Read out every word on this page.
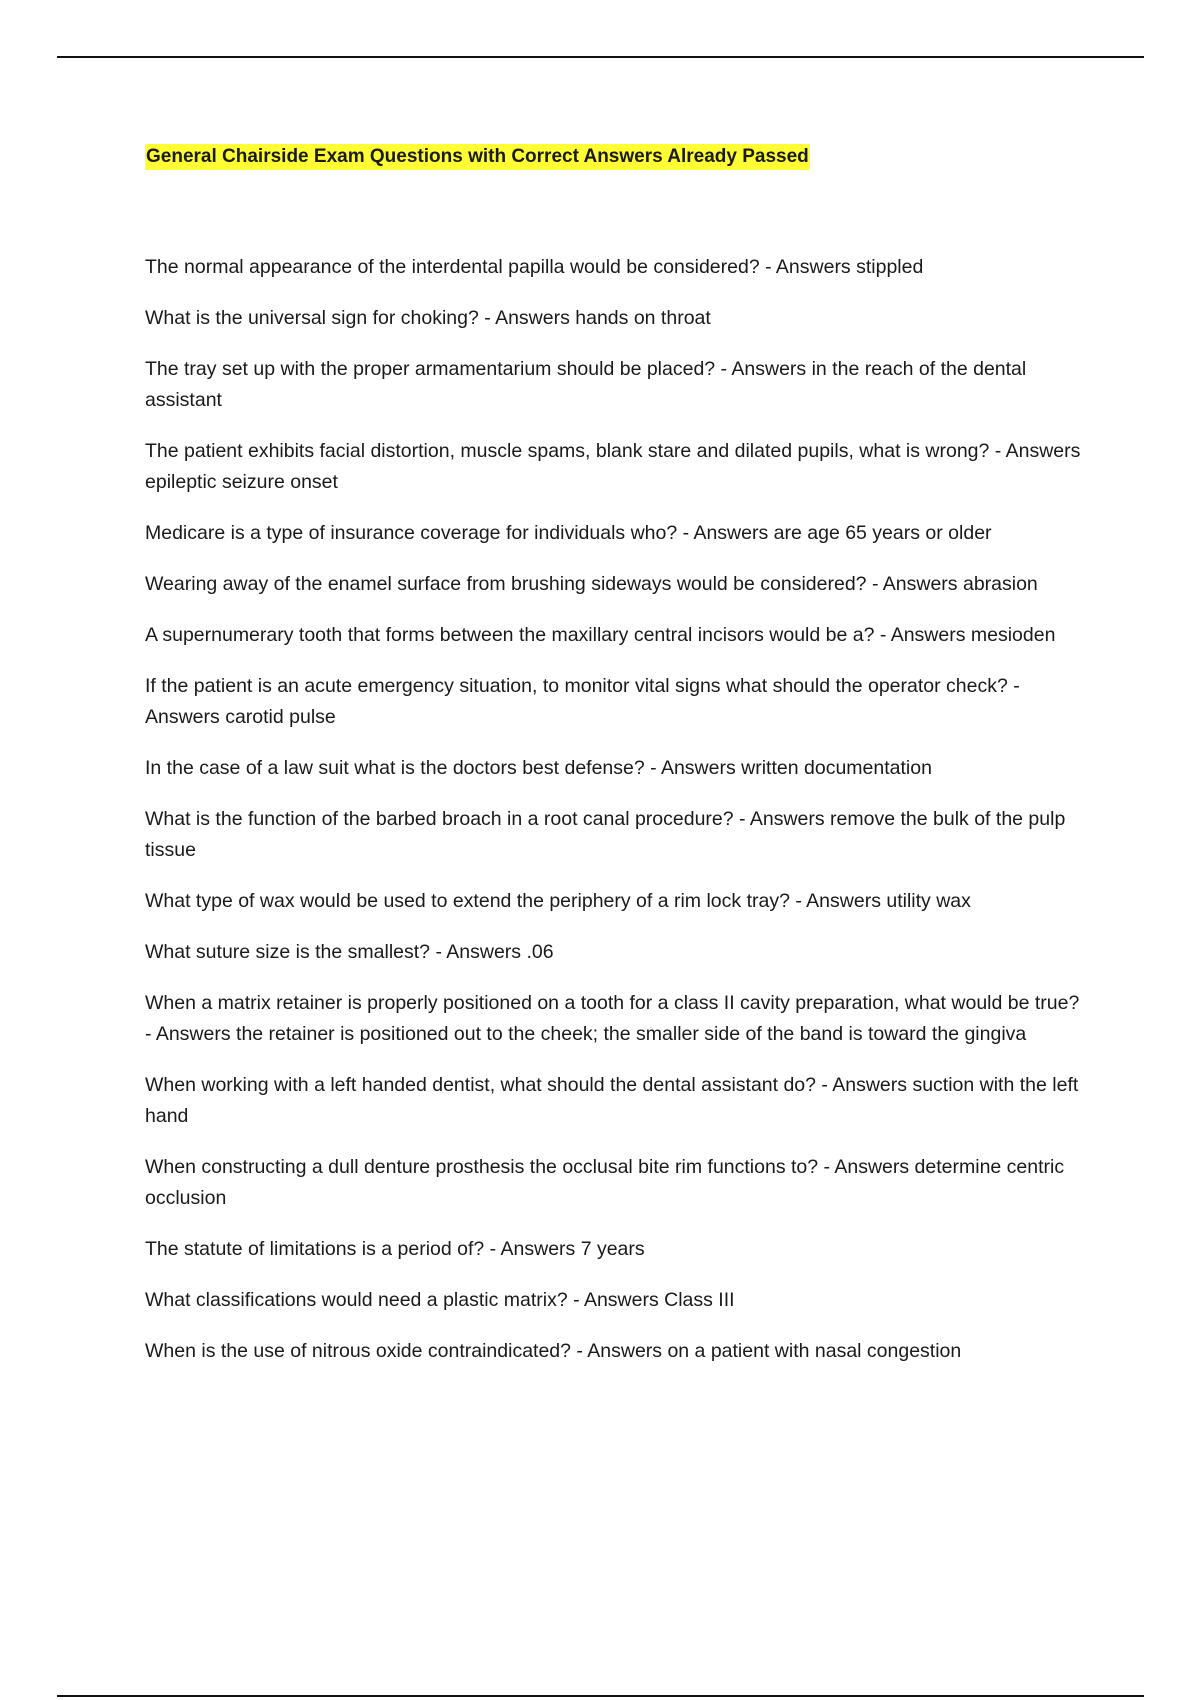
General Chairside Exam Questions with Correct Answers Already Passed
The normal appearance of the interdental papilla would be considered? - Answers stippled
What is the universal sign for choking? - Answers hands on throat
The tray set up with the proper armamentarium should be placed? - Answers in the reach of the dental assistant
The patient exhibits facial distortion, muscle spams, blank stare and dilated pupils, what is wrong? - Answers epileptic seizure onset
Medicare is a type of insurance coverage for individuals who? - Answers are age 65 years or older
Wearing away of the enamel surface from brushing sideways would be considered? - Answers abrasion
A supernumerary tooth that forms between the maxillary central incisors would be a? - Answers mesioden
If the patient is an acute emergency situation, to monitor vital signs what should the operator check? - Answers carotid pulse
In the case of a law suit what is the doctors best defense? - Answers written documentation
What is the function of the barbed broach in a root canal procedure? - Answers remove the bulk of the pulp tissue
What type of wax would be used to extend the periphery of a rim lock tray? - Answers utility wax
What suture size is the smallest? - Answers .06
When a matrix retainer is properly positioned on a tooth for a class II cavity preparation, what would be true? - Answers the retainer is positioned out to the cheek; the smaller side of the band is toward the gingiva
When working with a left handed dentist, what should the dental assistant do? - Answers suction with the left hand
When constructing a dull denture prosthesis the occlusal bite rim functions to? - Answers determine centric occlusion
The statute of limitations is a period of? - Answers 7 years
What classifications would need a plastic matrix? - Answers Class III
When is the use of nitrous oxide contraindicated? - Answers on a patient with nasal congestion
